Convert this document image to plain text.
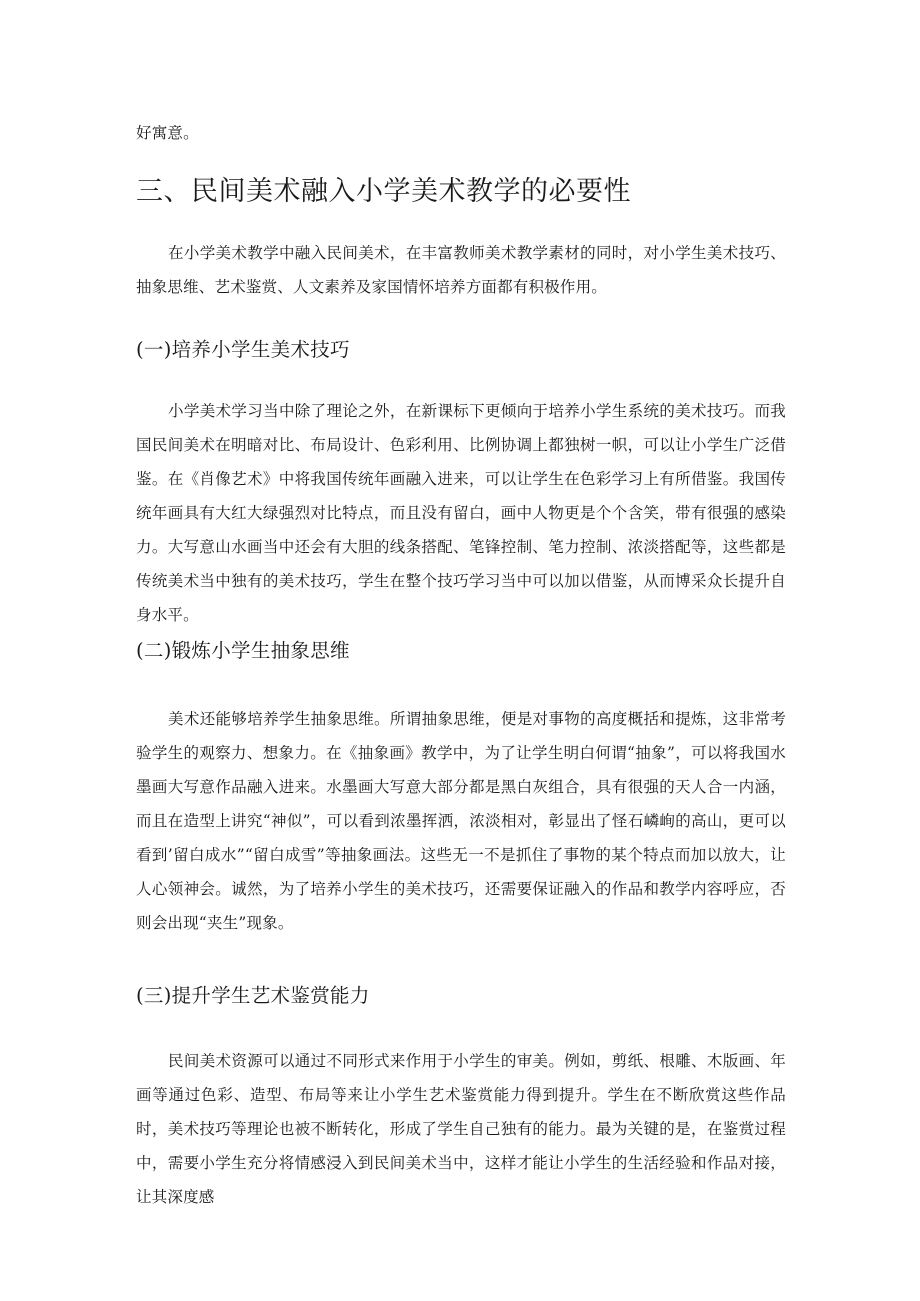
好寓意。

三、民间美术融入小学美术教学的必要性

在小学美术教学中融入民间美术，在丰富教师美术教学素材的同时，对小学生美术技巧、抽象思维、艺术鉴赏、人文素养及家国情怀培养方面都有积极作用。

(一)培养小学生美术技巧

小学美术学习当中除了理论之外，在新课标下更倾向于培养小学生系统的美术技巧。而我国民间美术在明暗对比、布局设计、色彩利用、比例协调上都独树一帜，可以让小学生广泛借鉴。在《肖像艺术》中将我国传统年画融入进来，可以让学生在色彩学习上有所借鉴。我国传统年画具有大红大绿强烈对比特点，而且没有留白，画中人物更是个个含笑，带有很强的感染力。大写意山水画当中还会有大胆的线条搭配、笔锋控制、笔力控制、浓淡搭配等，这些都是传统美术当中独有的美术技巧，学生在整个技巧学习当中可以加以借鉴，从而博采众长提升自身水平。

(二)锻炼小学生抽象思维

美术还能够培养学生抽象思维。所谓抽象思维，便是对事物的高度概括和提炼，这非常考验学生的观察力、想象力。在《抽象画》教学中，为了让学生明白何谓“抽象”，可以将我国水墨画大写意作品融入进来。水墨画大写意大部分都是黑白灰组合，具有很强的天人合一内涵，而且在造型上讲究“神似”，可以看到浓墨挥洒，浓淡相对，彰显出了怪石嶙峋的高山，更可以看到’留白成水”“留白成雪”等抽象画法。这些无一不是抓住了事物的某个特点而加以放大，让人心领神会。诚然，为了培养小学生的美术技巧，还需要保证融入的作品和教学内容呼应，否则会出现“夹生”现象。

(三)提升学生艺术鉴赏能力

民间美术资源可以通过不同形式来作用于小学生的审美。例如，剪纸、根雕、木版画、年画等通过色彩、造型、布局等来让小学生艺术鉴赏能力得到提升。学生在不断欣赏这些作品时，美术技巧等理论也被不断转化，形成了学生自己独有的能力。最为关键的是，在鉴赏过程中，需要小学生充分将情感浸入到民间美术当中，这样才能让小学生的生活经验和作品对接，让其深度感
